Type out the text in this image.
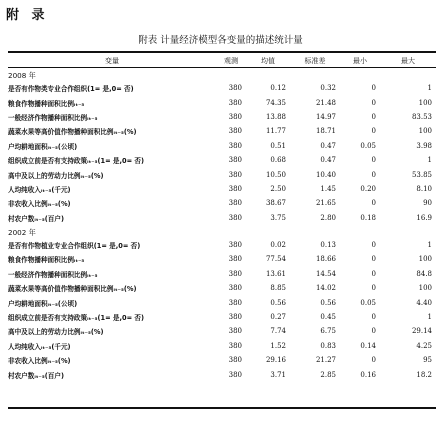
附 录
附表 计量经济模型各变量的描述统计量
变量	观测	均值	标准差	最小	最大
2008 年					
是否有作物类专业合作组织(1= 是,0= 否)	380	0.12	0.32	0	1
粮食作物播种面积比例ᵢₜ₋₅	380	74.35	21.48	0	100
一般经济作物播种面积比例ᵢₜ₋₅	380	13.88	14.97	0	83.53
蔬菜水果等高价值作物播种面积比例ᵢₜ₋₅(%)	380	11.77	18.71	0	100
户均耕地面积ᵢₜ₋₅(公顷)	380	0.51	0.47	0.05	3.98
组织成立前是否有支持政策ᵢₜ₋₅(1= 是,0= 否)	380	0.68	0.47	0	1
高中及以上的劳动力比例ᵢₜ₋₅(%)	380	10.50	10.40	0	53.85
人均纯收入ᵢₜ₋₅(千元)	380	2.50	1.45	0.20	8.10
非农收入比例ᵢₜ₋₅(%)	380	38.67	21.65	0	90
村农户数ᵢₜ₋₅(百户)	380	3.75	2.80	0.18	16.9
2002 年					
是否有作物植业专业合作组织(1= 是,0= 否)	380	0.02	0.13	0	1
粮食作物播种面积比例ᵢₜ₋₅	380	77.54	18.66	0	100
一般经济作物播种面积比例ᵢₜ₋₅	380	13.61	14.54	0	84.8
蔬菜水果等高价值作物播种面积比例ᵢₜ₋₅(%)	380	8.85	14.02	0	100
户均耕地面积ᵢₜ₋₅(公顷)	380	0.56	0.56	0.05	4.40
组织成立前是否有支持政策ᵢₜ₋₅(1= 是,0= 否)	380	0.27	0.45	0	1
高中及以上的劳动力比例ᵢₜ₋₅(%)	380	7.74	6.75	0	29.14
人均纯收入ᵢₜ₋₅(千元)	380	1.52	0.83	0.14	4.25
非农收入比例ᵢₜ₋₅(%)	380	29.16	21.27	0	95
村农户数ᵢₜ₋₅(百户)	380	3.71	2.85	0.16	18.2
